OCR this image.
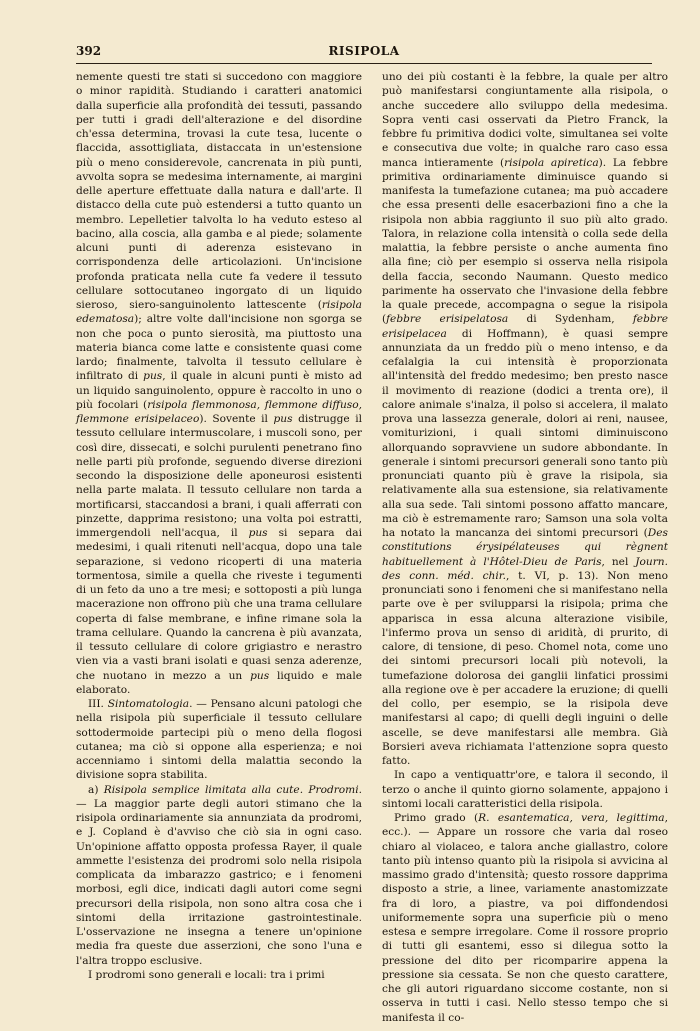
392	RISIPOLA

nemente questi tre stati si succedono con maggiore o minor rapidità. Studiando i caratteri anatomici dalla superficie alla profondità dei tessuti, passando per tutti i gradi dell'alterazione e del disordine ch'essa determina, trovasi la cute tesa, lucente o flaccida, assottigliata, distaccata in un'estensione più o meno considerevole, cancrenata in più punti, avvolta sopra se medesima internamente, ai margini delle aperture effettuate dalla natura e dall'arte. Il distacco della cute può estendersi a tutto quanto un membro. Lepelletier talvolta lo ha veduto esteso al bacino, alla coscia, alla gamba e al piede; solamente alcuni punti di aderenza esistevano in corrispondenza delle articolazioni. Un'incisione profonda praticata nella cute fa vedere il tessuto cellulare sottocutaneo ingorgato di un liquido sieroso, siero-sanguinolento lattescente (risipola edematosa); altre volte dall'incisione non sgorga se non che poca o punto sierosità, ma piuttosto una materia bianca come latte e consistente quasi come lardo; finalmente, talvolta il tessuto cellulare è infiltrato di pus, il quale in alcuni punti è misto ad un liquido sanguinolento, oppure è raccolto in uno o più focolari (risipola flemmonosa, flemmone diffuso, flemmone erisipelaceo). Sovente il pus distrugge il tessuto cellulare intermuscolare, i muscoli sono, per così dire, dissecati, e solchi purulenti penetrano fino nelle parti più profonde, seguendo diverse direzioni secondo la disposizione delle aponeurosi esistenti nella parte malata. Il tessuto cellulare non tarda a mortificarsi, staccandosi a brani, i quali afferrati con pinzette, dapprima resistono; una volta poi estratti, immergendoli nell'acqua, il pus si separa dai medesimi, i quali ritenuti nell'acqua, dopo una tale separazione, si vedono ricoperti di una materia tormentosa, simile a quella che riveste i tegumenti di un feto da uno a tre mesi; e sottoposti a più lunga macerazione non offrono più che una trama cellulare coperta di false membrane, e infine rimane sola la trama cellulare. Quando la cancrena è più avanzata, il tessuto cellulare di colore grigiastro e nerastro vien via a vasti brani isolati e quasi senza aderenze, che nuotano in mezzo a un pus liquido e male elaborato.

III. Sintomatologia. — Pensano alcuni patologi che nella risipola più superficiale il tessuto cellulare sottodermoide partecipi più o meno della flogosi cutanea; ma ciò si oppone alla esperienza; e noi accenniamo i sintomi della malattia secondo la divisione sopra stabilita.

a) Risipola semplice limitata alla cute. Prodromi. — La maggior parte degli autori stimano che la risipola ordinariamente sia annunziata da prodromi, e J. Copland è d'avviso che ciò sia in ogni caso. Un'opinione affatto opposta professa Rayer, il quale ammette l'esistenza dei prodromi solo nella risipola complicata da imbarazzo gastrico; e i fenomeni morbosi, egli dice, indicati dagli autori come segni precursori della risipola, non sono altra cosa che i sintomi della irritazione gastrointestinale. L'osservazione ne insegna a tenere un'opinione media fra queste due asserzioni, che sono l'una e l'altra troppo esclusive.

I prodromi sono generali e locali: tra i primi

uno dei più costanti è la febbre, la quale per altro può manifestarsi congiuntamente alla risipola, o anche succedere allo sviluppo della medesima. Sopra venti casi osservati da Pietro Franck, la febbre fu primitiva dodici volte, simultanea sei volte e consecutiva due volte; in qualche raro caso essa manca intieramente (risipola apiretica). La febbre primitiva ordinariamente diminuisce quando si manifesta la tumefazione cutanea; ma può accadere che essa presenti delle esacerbazioni fino a che la risipola non abbia raggiunto il suo più alto grado. Talora, in relazione colla intensità o colla sede della malattia, la febbre persiste o anche aumenta fino alla fine; ciò per esempio si osserva nella risipola della faccia, secondo Naumann. Questo medico parimente ha osservato che l'invasione della febbre la quale precede, accompagna o segue la risipola (febbre erisipelatosa di Sydenham, febbre erisipelacea di Hoffmann), è quasi sempre annunziata da un freddo più o meno intenso, e da cefalalgia la cui intensità è proporzionata all'intensità del freddo medesimo; ben presto nasce il movimento di reazione (dodici a trenta ore), il calore animale s'inalza, il polso si accelera, il malato prova una lassezza generale, dolori ai reni, nausee, vomiturizioni, i quali sintomi diminuiscono allorquando sopravviene un sudore abbondante. In generale i sintomi precursori generali sono tanto più pronunciati quanto più è grave la risipola, sia relativamente alla sua estensione, sia relativamente alla sua sede. Tali sintomi possono affatto mancare, ma ciò è estremamente raro; Samson una sola volta ha notato la mancanza dei sintomi precursori (Des constitutions érysipélateuses qui règnent habituellement à l'Hôtel-Dieu de Paris, nel Journ. des conn. méd. chir., t. VI, p. 13). Non meno pronunciati sono i fenomeni che si manifestano nella parte ove è per svilupparsi la risipola; prima che apparisca in essa alcuna alterazione visibile, l'infermo prova un senso di aridità, di prurito, di calore, di tensione, di peso. Chomel nota, come uno dei sintomi precursori locali più notevoli, la tumefazione dolorosa dei ganglii linfatici prossimi alla regione ove è per accadere la eruzione; di quelli del collo, per esempio, se la risipola deve manifestarsi al capo; di quelli degli inguini o delle ascelle, se deve manifestarsi alle membra. Già Borsieri aveva richiamata l'attenzione sopra questo fatto.

In capo a ventiquattr'ore, e talora il secondo, il terzo o anche il quinto giorno solamente, appajono i sintomi locali caratteristici della risipola.

Primo grado (R. esantematica, vera, legittima, ecc.). — Appare un rossore che varia dal roseo chiaro al violaceo, e talora anche giallastro, colore tanto più intenso quanto più la risipola si avvicina al massimo grado d'intensità; questo rossore dapprima disposto a strie, a linee, variamente anastomizzate fra di loro, a piastre, va poi diffondendosi uniformemente sopra una superficie più o meno estesa e sempre irregolare. Come il rossore proprio di tutti gli esantemi, esso si dilegua sotto la pressione del dito per ricomparire appena la pressione sia cessata. Se non che questo carattere, che gli autori riguardano siccome costante, non si osserva in tutti i casi. Nello stesso tempo che si manifesta il co-
